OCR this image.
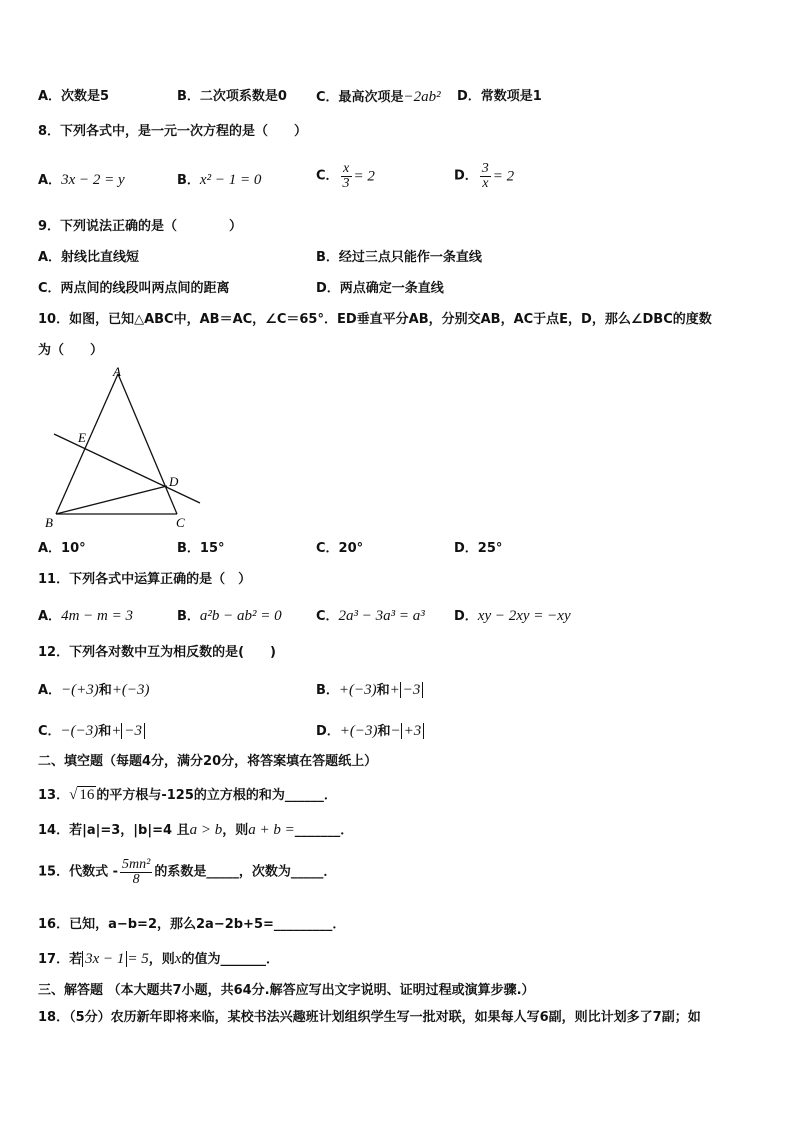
A．次数是5	B．二次项系数是0 C．最高次项是−2ab² D．常数项是1
8．下列各式中，是一元一次方程的是（　　）
A．3x − 2 = y	B．x² − 1 = 0	C． $\frac{x}{3} = 2$	D． $\frac{3}{x} = 2$
9．下列说法正确的是（　　　　）
A．射线比直线短	B．经过三点只能作一条直线
C．两点间的线段叫两点间的距离	D．两点确定一条直线
10．如图，已知△ABC中，AB＝AC，∠C＝65°．ED垂直平分AB，分别交AB，AC于点E，D，那么∠DBC的度数
为（　　）
A
E
D
B	C
A．10°	B．15°	C．20°	D．25°
11．下列各式中运算正确的是（　）
A．4m − m = 3	B．a²b − ab² = 0	C．2a³ − 3a³ = a³ D．xy − 2xy = −xy
12．下列各对数中互为相反数的是(　　)
A．−(+3)和+(−3)	B．+(−3)和+ −3
C．−(−3)和+ −3	D．+(−3)和− +3
二、填空题（每题4分，满分20分，将答案填在答题纸上）
13．√ 16 的平方根与-125的立方根的和为______．
14．若|a|=3，|b|=4 且a > b，则a + b =_______．
15．代数式 - $\frac{\text{5mn²}}{8}$ 的系数是_____，次数为_____．
16．已知，a−b=2，那么2a−2b+5=_________．
17．若 3x − 1 = 5，则x的值为_______．
三、解答题 （本大题共7小题，共64分.解答应写出文字说明、证明过程或演算步骤.）
18．（5分）农历新年即将来临，某校书法兴趣班计划组织学生写一批对联，如果每人写6副，则比计划多了7副；如
